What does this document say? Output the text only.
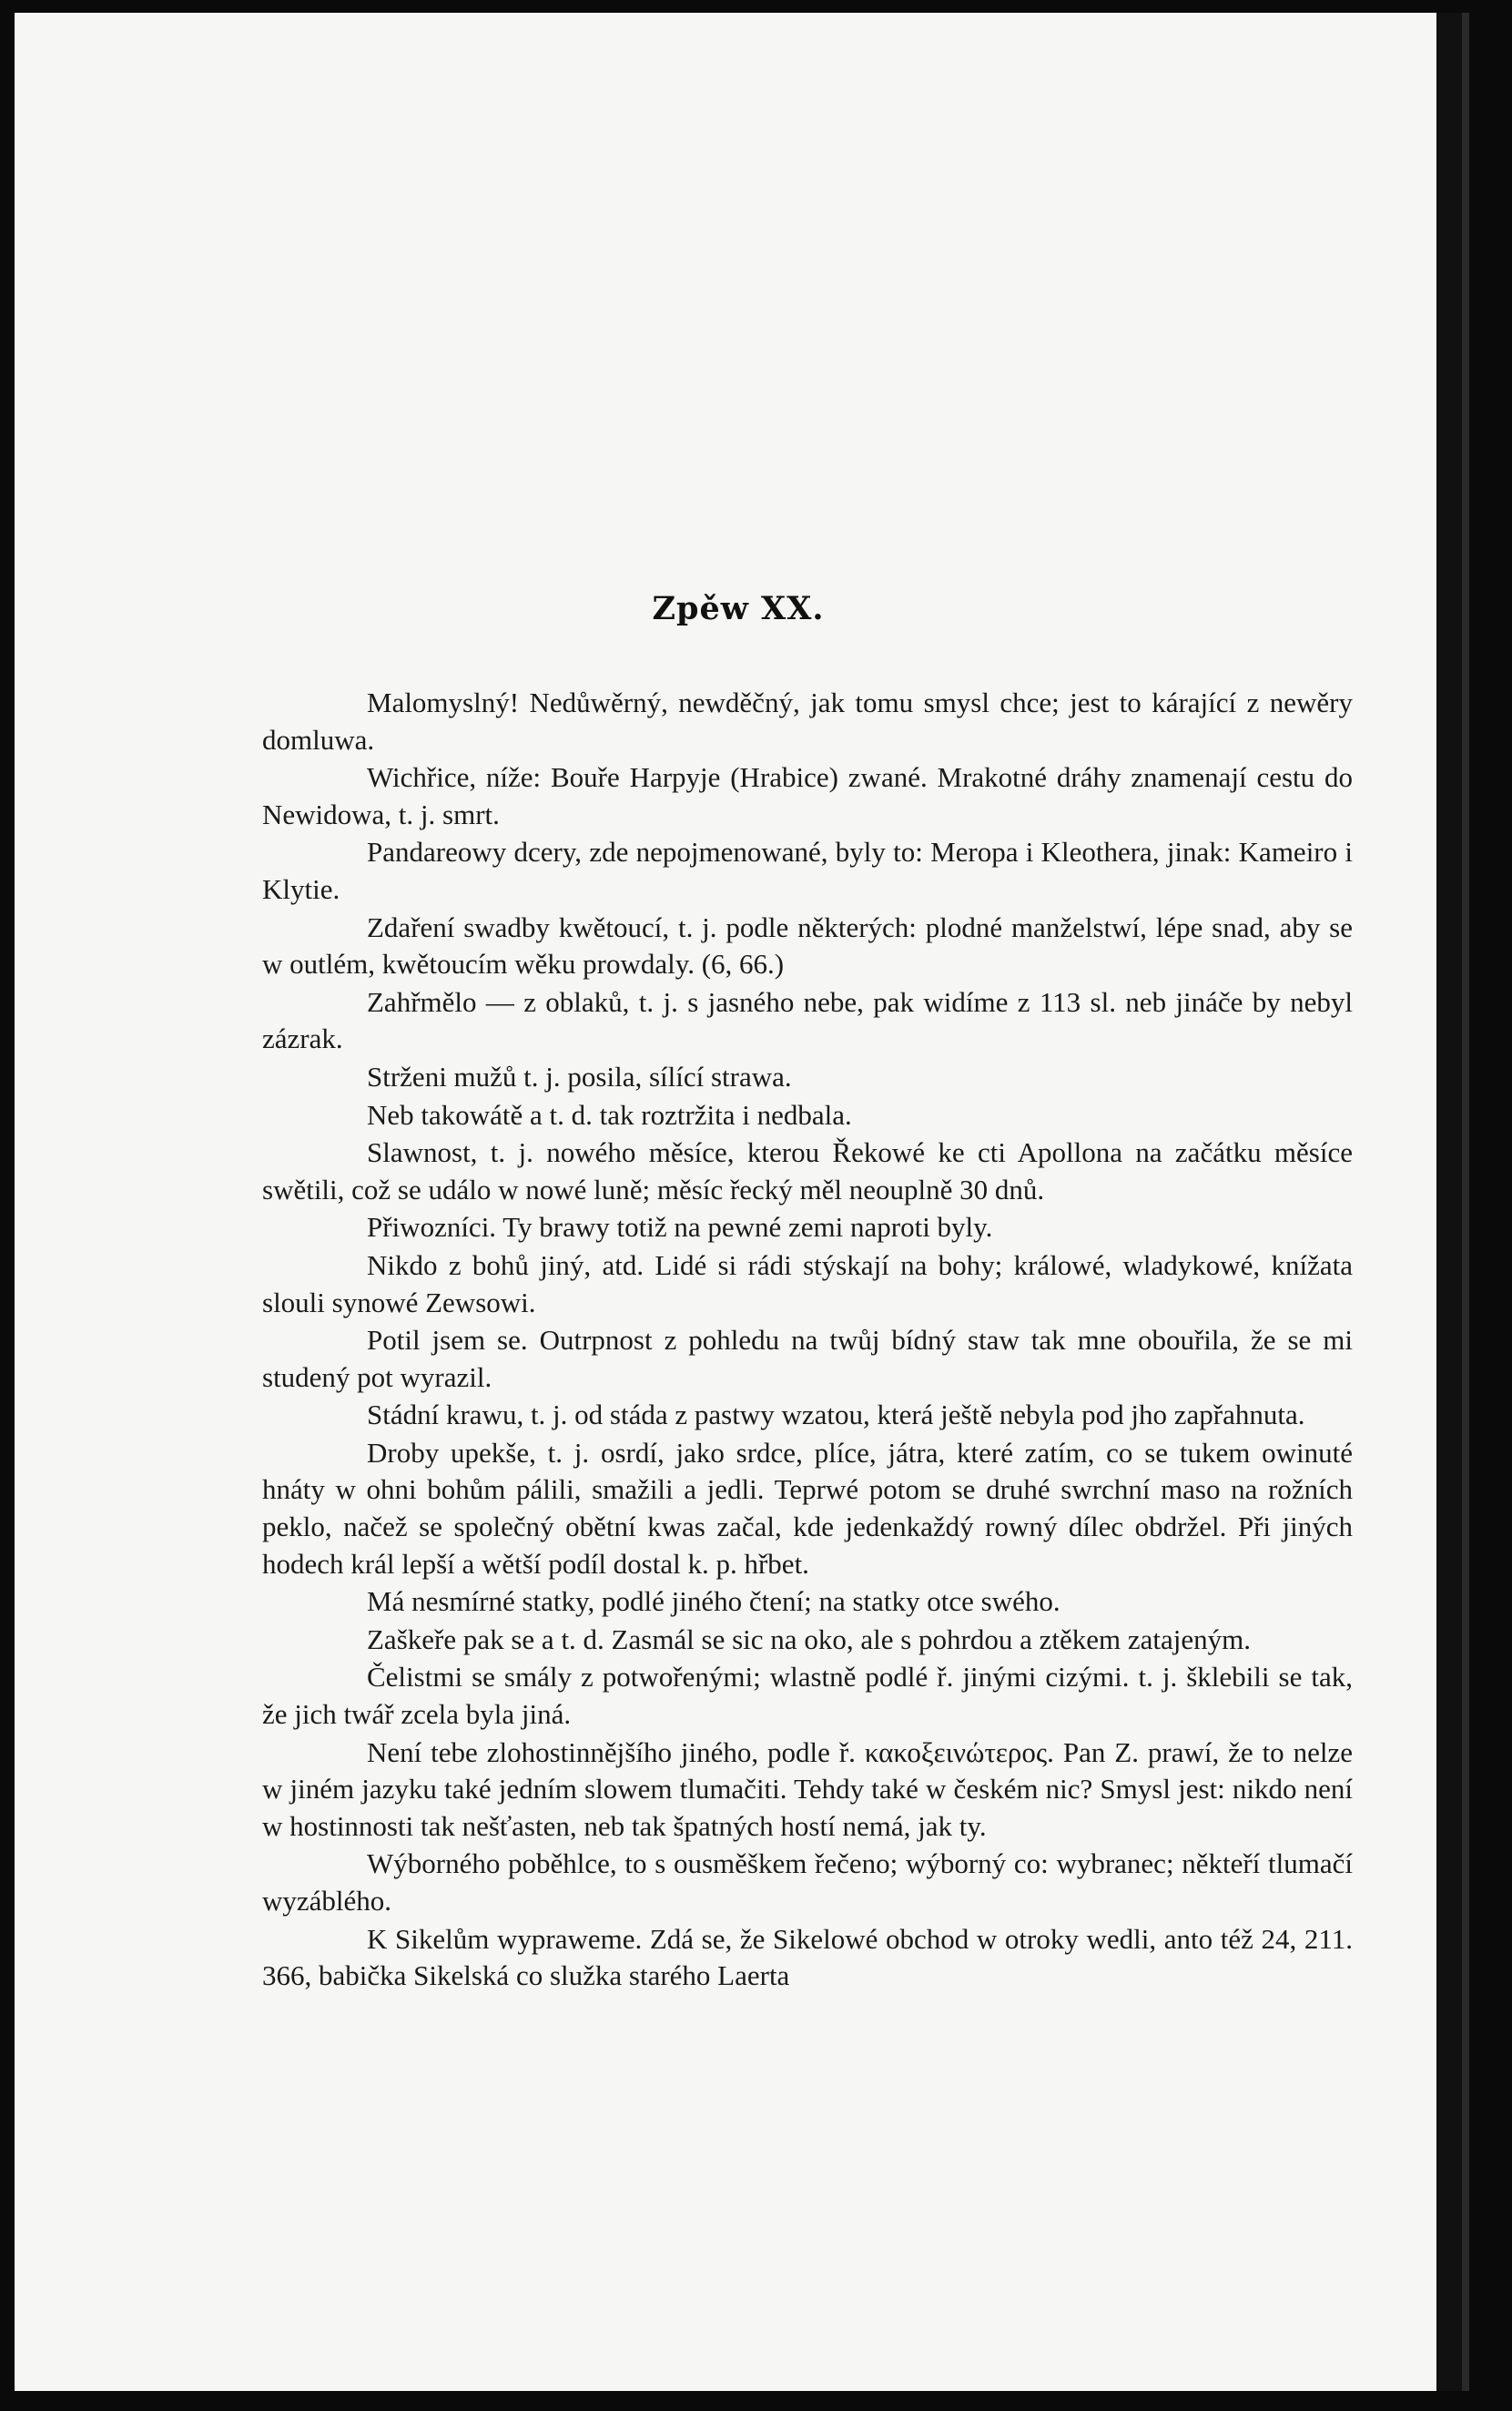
Zpěw XX.

Malomyslný! Nedůwěrný, newděčný, jak tomu smysl chce; jest to kárající z newěry domluwa.

Wichřice, níže: Bouře Harpyje (Hrabice) zwané. Mrakotné dráhy znamenají cestu do Newidowa, t. j. smrt.

Pandareowy dcery, zde nepojmenowané, byly to: Meropa i Kleothera, jinak: Kameiro i Klytie.

Zdaření swadby kwětoucí, t. j. podle některých: plodné manželstwí, lépe snad, aby se w outlém, kwětoucím wěku prowdaly. (6, 66.)

Zahřmělo — z oblaků, t. j. s jasného nebe, pak widíme z 113 sl. neb jináče by nebyl zázrak.

Strženi mužů t. j. posila, sílící strawa.

Neb takowátě a t. d. tak roztržita i nedbala.

Slawnost, t. j. nowého měsíce, kterou Řekowé ke cti Apollona na začátku měsíce swětili, což se událo w nowé luně; měsíc řecký měl neouplně 30 dnů.

Přiwozníci. Ty brawy totiž na pewné zemi naproti byly.

Nikdo z bohů jiný, atd. Lidé si rádi stýskají na bohy; králowé, wladykowé, knížata slouli synowé Zewsowi.

Potil jsem se. Outrpnost z pohledu na twůj bídný staw tak mne obouřila, že se mi studený pot wyrazil.

Stádní krawu, t. j. od stáda z pastwy wzatou, která ještě nebyla pod jho zapřahnuta.

Droby upekše, t. j. osrdí, jako srdce, plíce, játra, které zatím, co se tukem owinuté hnáty w ohni bohům pálili, smažili a jedli. Teprwé potom se druhé swrchní maso na rožních peklo, načež se společný obětní kwas začal, kde jedenkaždý rowný dílec obdržel. Při jiných hodech král lepší a wětší podíl dostal k. p. hřbet.

Má nesmírné statky, podlé jiného čtení; na statky otce swého.

Zaškeře pak se a t. d. Zasmál se sic na oko, ale s pohrdou a ztěkem zatajeným.

Čelistmi se smály z potwořenými; wlastně podlé ř. jinými cizými. t. j. šklebili se tak, že jich twář zcela byla jiná.

Není tebe zlohostinnějšího jiného, podle ř. κακοξεινώτερος. Pan Z. prawí, že to nelze w jiném jazyku také jedním slowem tlumačiti. Tehdy také w českém nic? Smysl jest: nikdo není w hostinnosti tak nešťasten, neb tak špatných hostí nemá, jak ty.

Wýborného poběhlce, to s ousměškem řečeno; wýborný co: wybranec; někteří tlumačí wyzáblého.

K Sikelům wypraweme. Zdá se, že Sikelowé obchod w otroky wedli, anto též 24, 211. 366, babička Sikelská co služka starého Laerta
